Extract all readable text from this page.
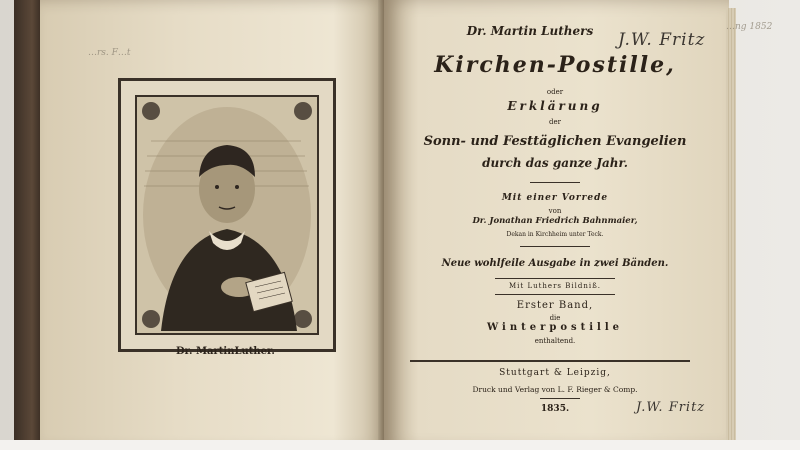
…rs. F…t
Dr. MartinLuther.
Dr. Martin Luthers	J.W. Fritz
…ng 1852
Kirchen-Postille,
oder
Erklärung
der
Sonn- und Festtäglichen Evangelien
durch das ganze Jahr.
Mit einer Vorrede
von
Dr. Jonathan Friedrich Bahnmaier,
Dekan in Kirchheim unter Teck.
Neue wohlfeile Ausgabe in zwei Bänden.
Mit Luthers Bildniß.
Erster Band,
die
Winterpostille
enthaltend.
Stuttgart & Leipzig,
Druck und Verlag von L. F. Rieger & Comp.
1835.	J.W. Fritz
